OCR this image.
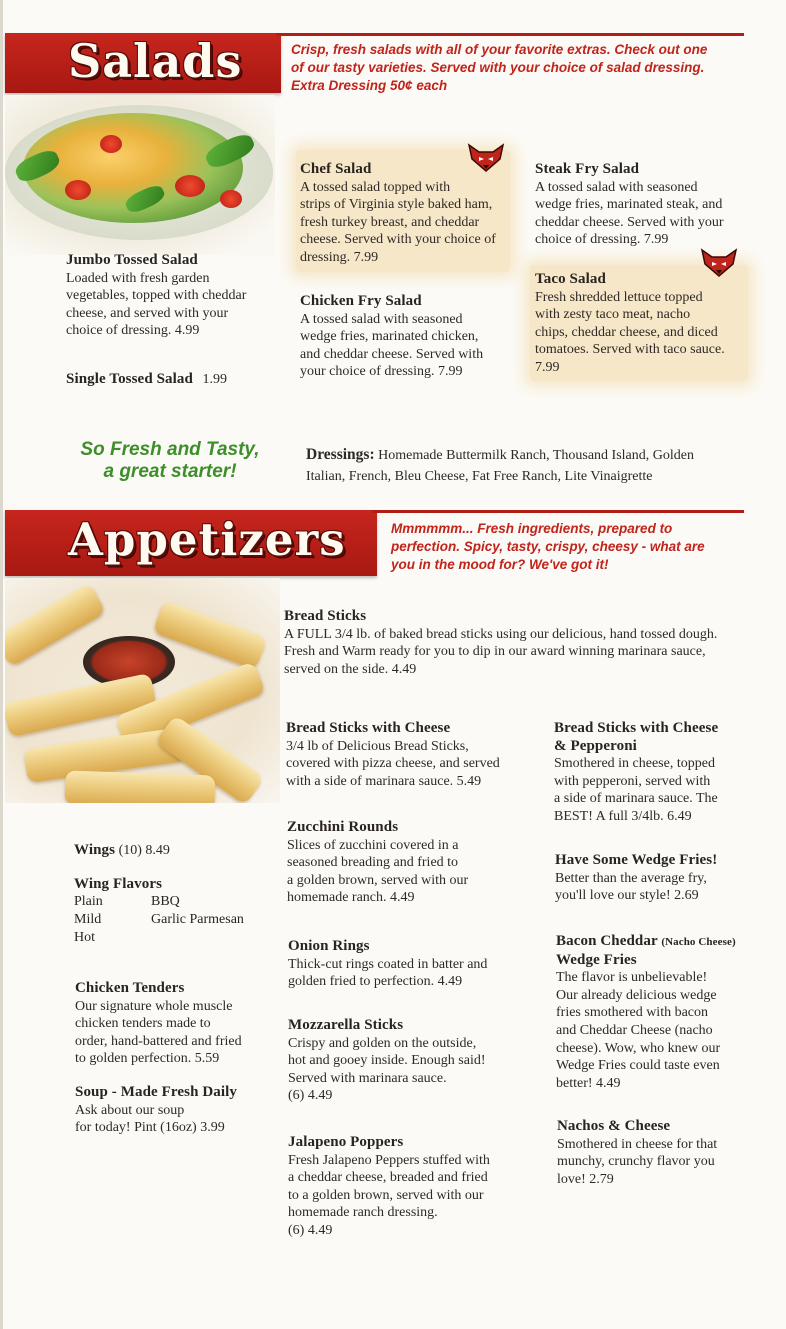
Salads	Crisp, fresh salads with all of your favorite extras. Check out one
of our tasty varieties. Served with your choice of salad dressing.
Extra Dressing 50¢ each
Jumbo Tossed Salad
Loaded with fresh garden
vegetables, topped with cheddar
cheese, and served with your
choice of dressing. 4.99
Single Tossed Salad 1.99
Chef Salad
A tossed salad topped with
strips of Virginia style baked ham,
fresh turkey breast, and cheddar
cheese. Served with your choice of
dressing. 7.99
Chicken Fry Salad
A tossed salad with seasoned
wedge fries, marinated chicken,
and cheddar cheese. Served with
your choice of dressing. 7.99
Steak Fry Salad
A tossed salad with seasoned
wedge fries, marinated steak, and
cheddar cheese. Served with your
choice of dressing. 7.99
Taco Salad
Fresh shredded lettuce topped
with zesty taco meat, nacho
chips, cheddar cheese, and diced
tomatoes. Served with taco sauce.
7.99
So Fresh and Tasty,
a great starter!
Dressings: Homemade Buttermilk Ranch, Thousand Island, Golden
Italian, French, Bleu Cheese, Fat Free Ranch, Lite Vinaigrette
Appetizers	Mmmmmm... Fresh ingredients, prepared to
perfection. Spicy, tasty, crispy, cheesy - what are
you in the mood for? We've got it!
Bread Sticks
A FULL 3/4 lb. of baked bread sticks using our delicious, hand tossed dough.
Fresh and Warm ready for you to dip in our award winning marinara sauce,
served on the side. 4.49
Bread Sticks with Cheese
3/4 lb of Delicious Bread Sticks,
covered with pizza cheese, and served
with a side of marinara sauce. 5.49
Bread Sticks with Cheese
& Pepperoni
Smothered in cheese, topped
with pepperoni, served with
a side of marinara sauce. The
BEST! A full 3/4lb. 6.49
Zucchini Rounds
Slices of zucchini covered in a
seasoned breading and fried to
a golden brown, served with our
homemade ranch. 4.49
Have Some Wedge Fries!
Better than the average fry,
you'll love our style! 2.69
Onion Rings
Thick-cut rings coated in batter and
golden fried to perfection. 4.49
Bacon Cheddar (Nacho Cheese)
Wedge Fries
The flavor is unbelievable!
Our already delicious wedge
fries smothered with bacon
and Cheddar Cheese (nacho
cheese). Wow, who knew our
Wedge Fries could taste even
better! 4.49
Mozzarella Sticks
Crispy and golden on the outside,
hot and gooey inside. Enough said!
Served with marinara sauce.
(6) 4.49
Nachos & Cheese
Smothered in cheese for that
munchy, crunchy flavor you
love! 2.79
Jalapeno Poppers
Fresh Jalapeno Peppers stuffed with
a cheddar cheese, breaded and fried
to a golden brown, served with our
homemade ranch dressing.
(6) 4.49
Wings (10) 8.49
Wing Flavors
Plain	BBQ
Mild	Garlic Parmesan
Hot
Chicken Tenders
Our signature whole muscle
chicken tenders made to
order, hand-battered and fried
to golden perfection. 5.59
Soup - Made Fresh Daily
Ask about our soup
for today! Pint (16oz) 3.99
